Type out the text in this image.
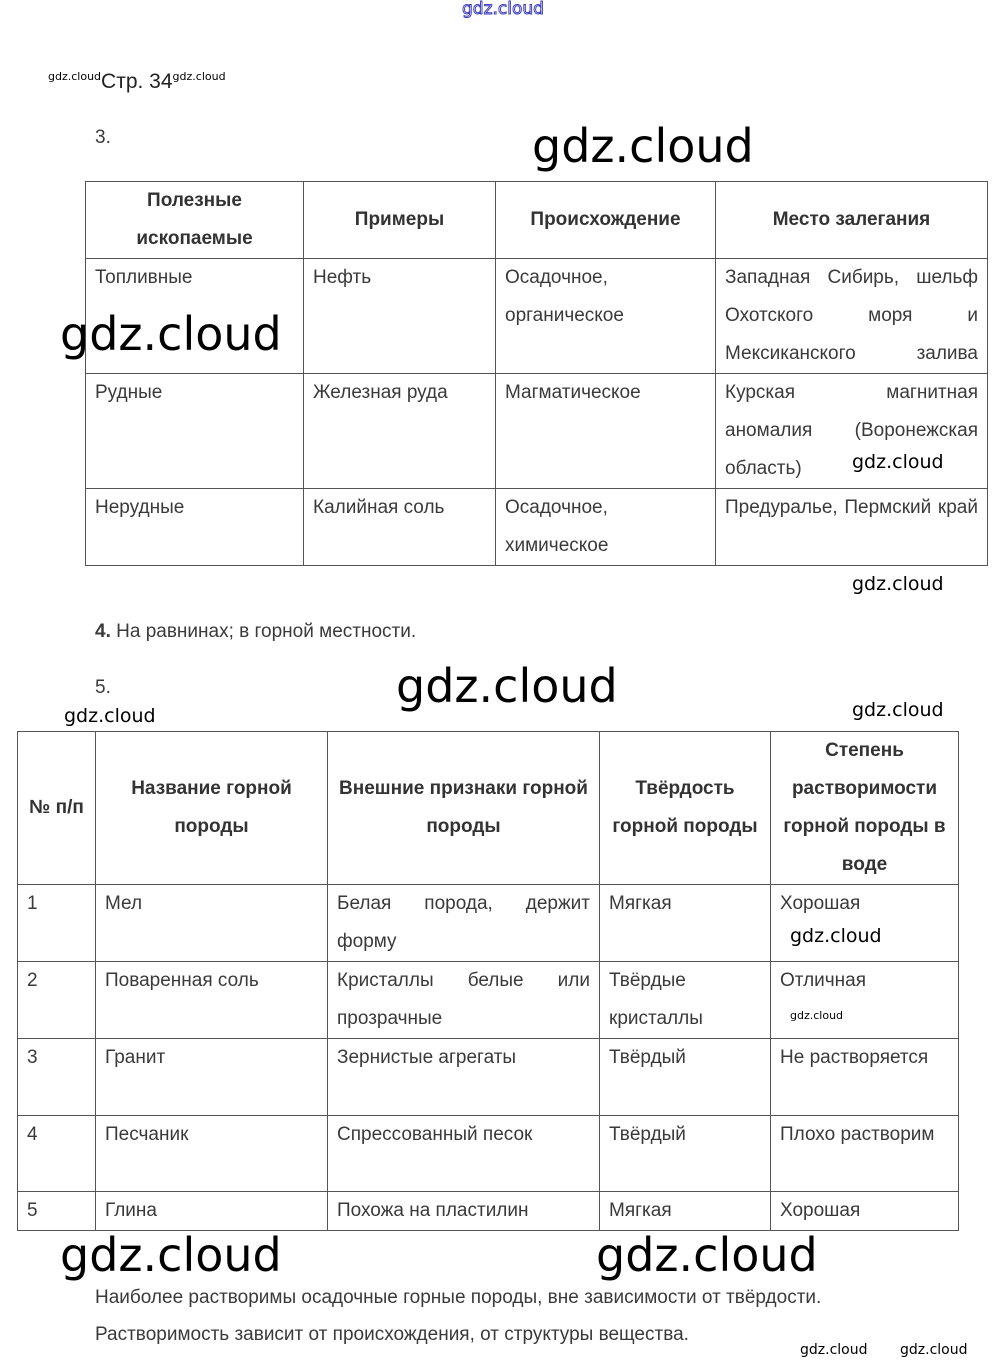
gdz.cloud
$^{gdz.cloud}$Стр. $34^{gdz.cloud}$
3.
Полезные ископаемые	Примеры	Происхождение	Место залегания
Топливные	Нефть	Осадочное, органическое	Западная Сибирь, шельф Охотского моря и Мексиканского залива
Рудные	Железная руда	Магматическое	Курская магнитная аномалия (Воронежская область)
Нерудные	Калийная соль	Осадочное, химическое	Предуралье, Пермский край
4. На равнинах; в горной местности.
5.
№ п/п	Название горной породы	Внешние признаки горной породы	Твёрдость горной породы	Степень растворимости горной породы в воде
1	Мел	Белая порода, держит форму	Мягкая	Хорошая
2	Поваренная соль	Кристаллы белые или прозрачные	Твёрдые кристаллы	Отличная
3	Гранит	Зернистые агрегаты	Твёрдый	Не растворяется
4	Песчаник	Спрессованный песок	Твёрдый	Плохо растворим
5	Глина	Похожа на пластилин	Мягкая	Хорошая
Наиболее растворимы осадочные горные породы, вне зависимости от твёрдости.
Растворимость зависит от происхождения, от структуры вещества.
gdz.cloud
gdz.cloud
gdz.cloud
gdz.cloud
gdz.cloud	gdz.cloud
gdz.cloud
gdz.cloud
gdz.cloud
gdz.cloud	gdz.cloud
gdz.cloud gdz.cloud
